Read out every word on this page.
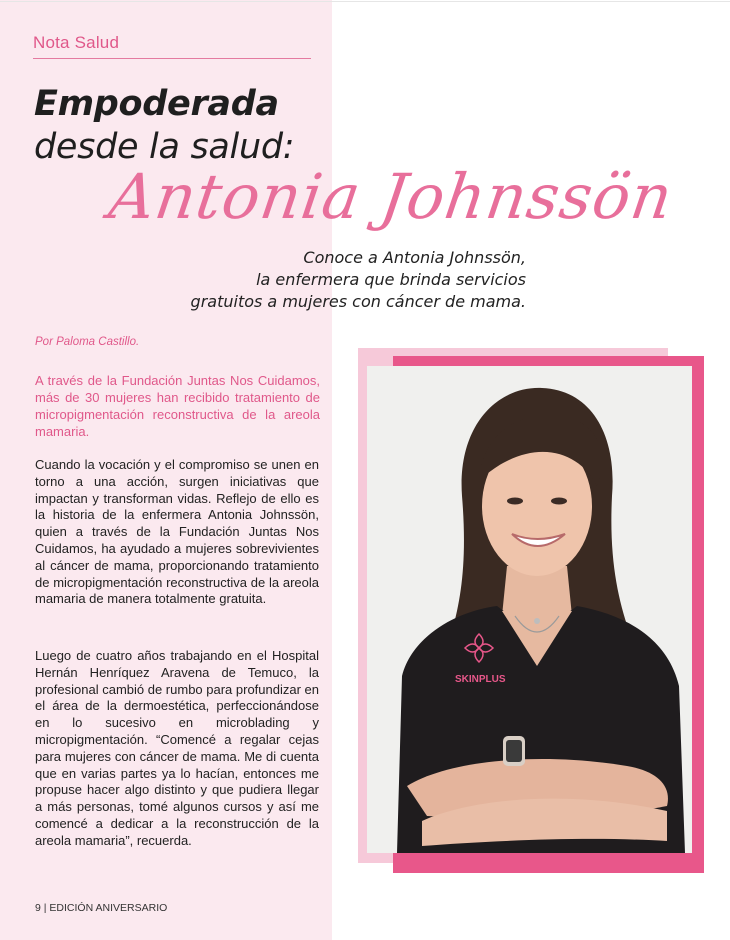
Nota Salud
Empoderada
desde la salud:
Antonia Johnssön
Conoce a Antonia Johnssön,
la enfermera que brinda servicios
gratuitos a mujeres con cáncer de mama.
Por Paloma Castillo.
A través de la Fundación Juntas Nos Cuidamos, más de 30 mujeres han recibido tratamiento de micropigmentación reconstructiva de la areola mamaria.
Cuando la vocación y el compromiso se unen en torno a una acción, surgen iniciativas que impactan y transforman vidas. Reflejo de ello es la historia de la enfermera Antonia Johnssön, quien a través de la Fundación Juntas Nos Cuidamos, ha ayudado a mujeres sobrevivientes al cáncer de mama, proporcionando tratamiento de micropigmentación reconstructiva de la areola mamaria de manera totalmente gratuita.
Luego de cuatro años trabajando en el Hospital Hernán Henríquez Aravena de Temuco, la profesional cambió de rumbo para profundizar en el área de la dermoestética, perfeccionándose en lo sucesivo en microblading y micropigmentación. “Comencé a regalar cejas para mujeres con cáncer de mama. Me di cuenta que en varias partes ya lo hacían, entonces me propuse hacer algo distinto y que pudiera llegar a más personas, tomé algunos cursos y así me comencé a dedicar a la reconstrucción de la areola mamaria”, recuerda.
9 | EDICIÓN ANIVERSARIO
SKINPLUS
